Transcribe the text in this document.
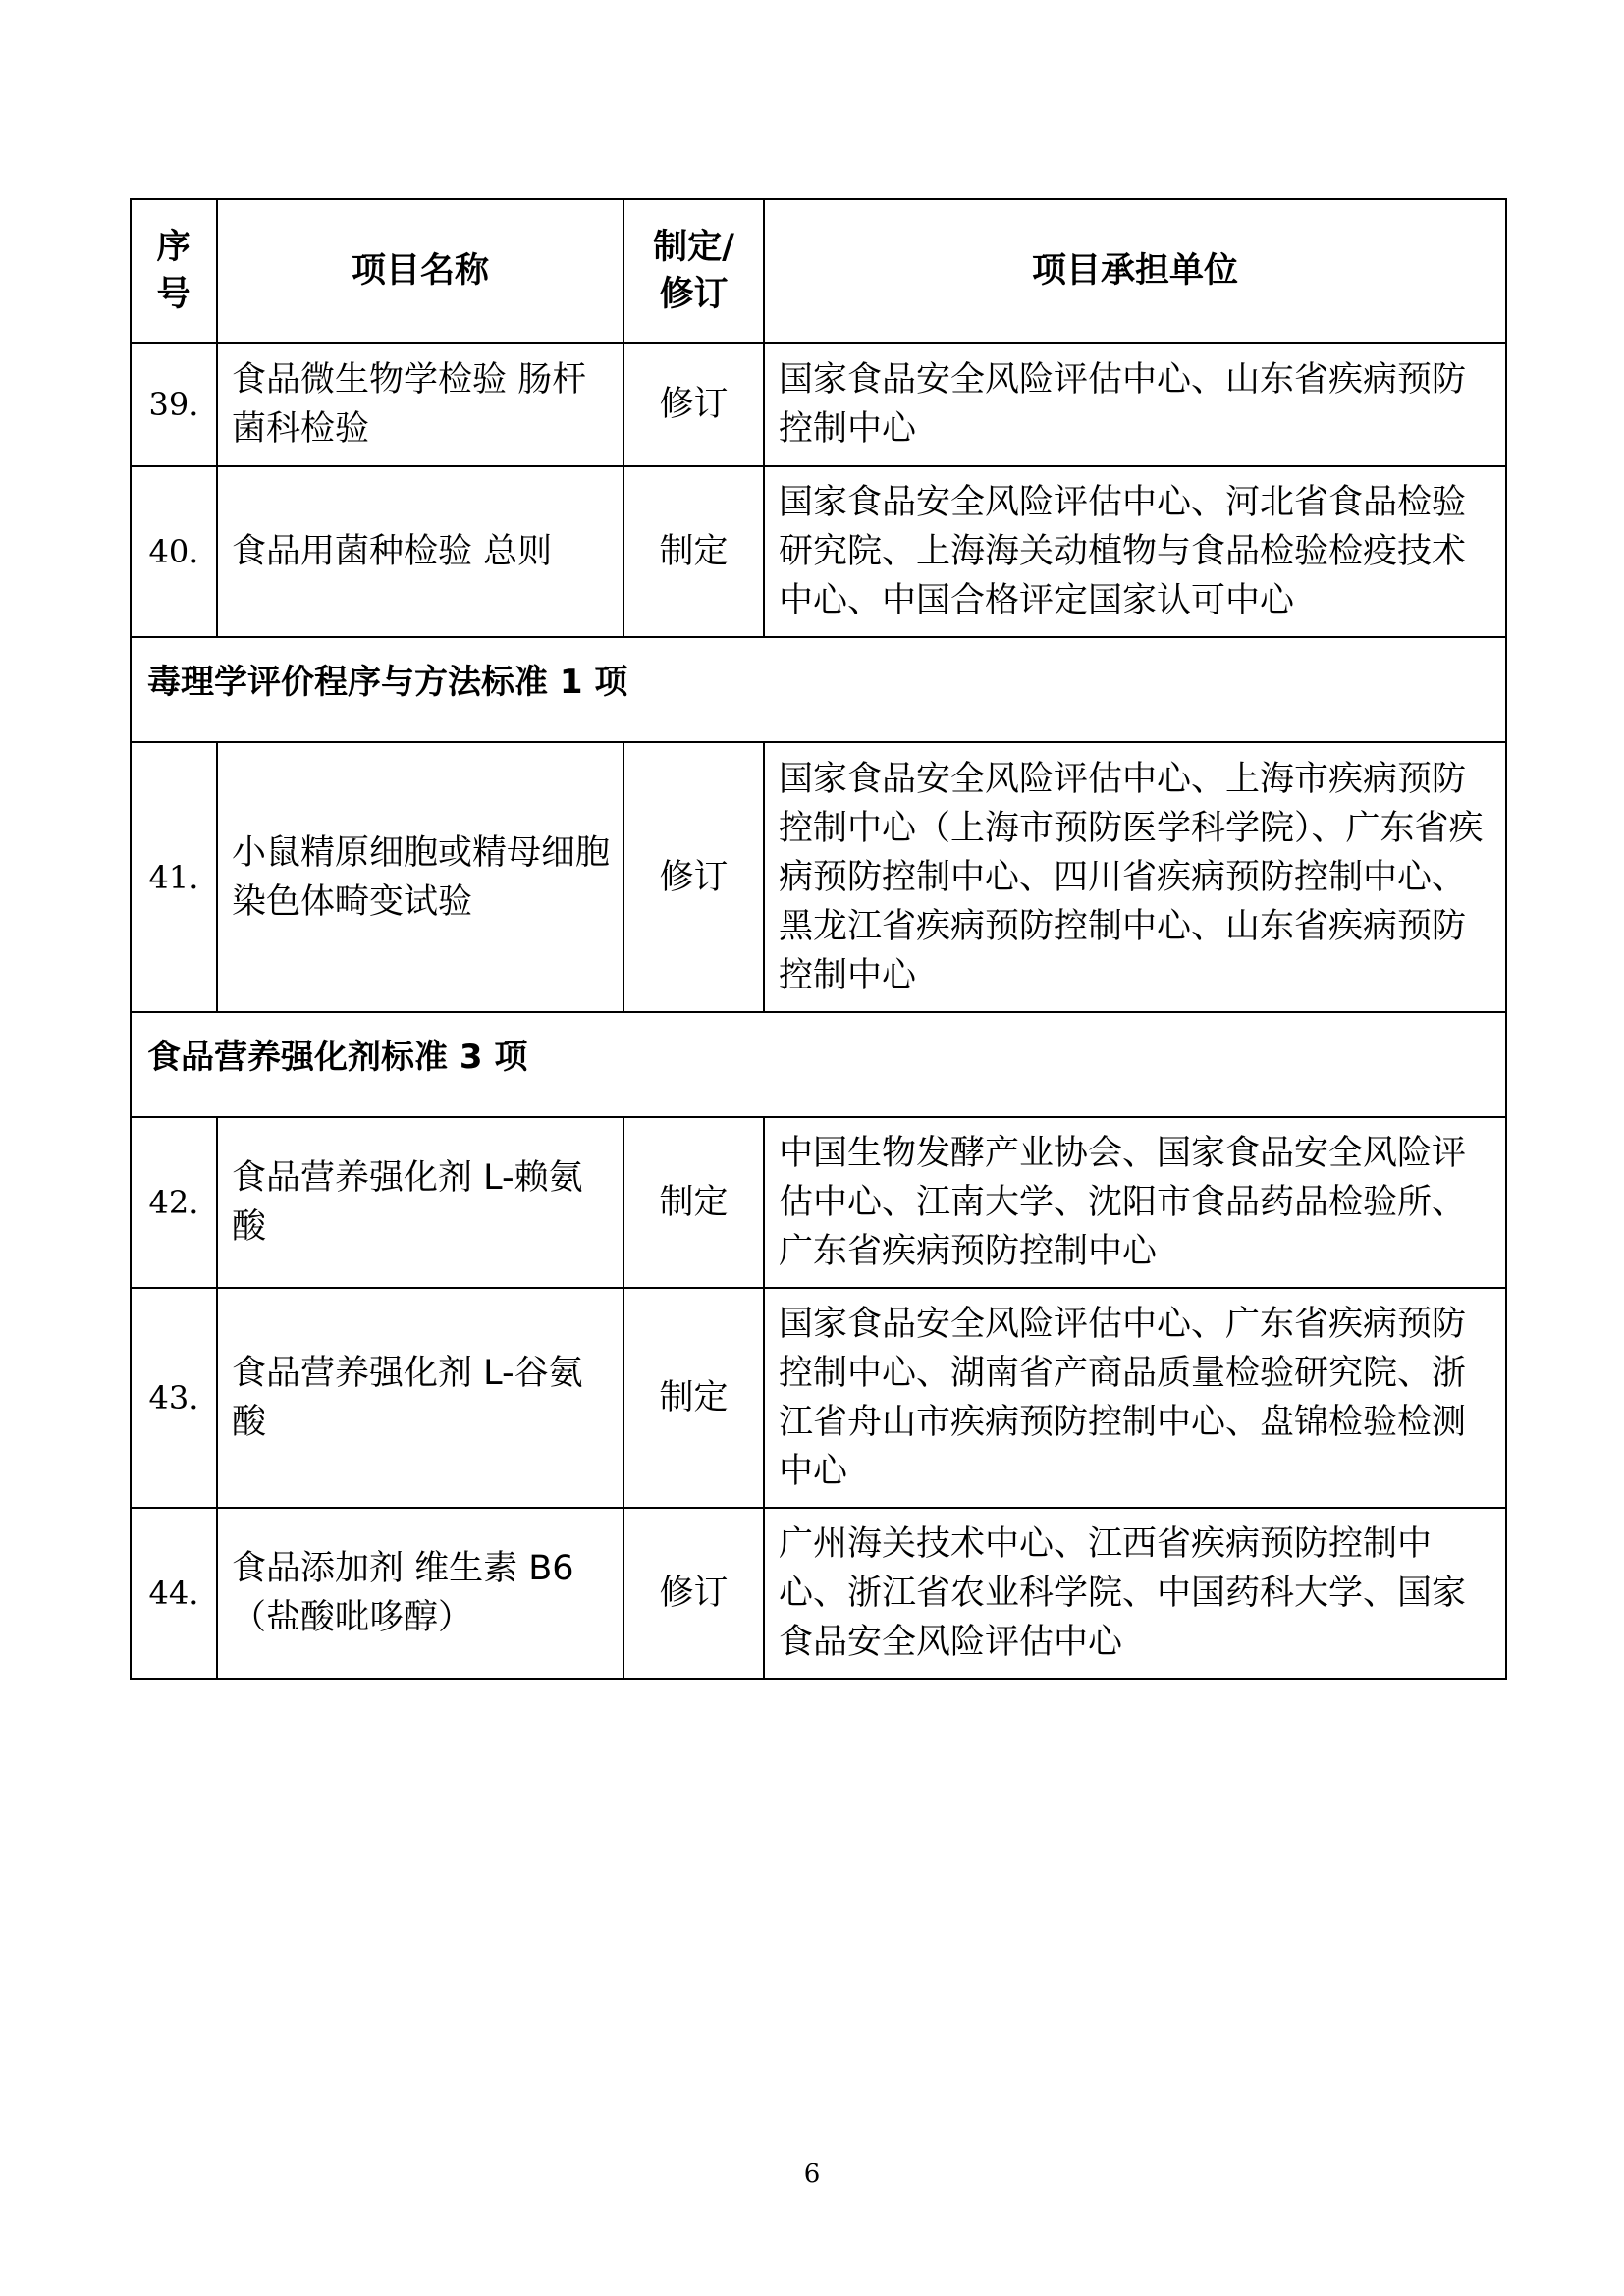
序号	项目名称	制定/修订	项目承担单位
39.	食品微生物学检验 肠杆菌科检验	修订	国家食品安全风险评估中心、山东省疾病预防控制中心
40.	食品用菌种检验 总则	制定	国家食品安全风险评估中心、河北省食品检验研究院、上海海关动植物与食品检验检疫技术中心、中国合格评定国家认可中心

毒理学评价程序与方法标准 1 项			

41.	小鼠精原细胞或精母细胞染色体畸变试验	修订	国家食品安全风险评估中心、上海市疾病预防控制中心（上海市预防医学科学院）、广东省疾病预防控制中心、四川省疾病预防控制中心、黑龙江省疾病预防控制中心、山东省疾病预防控制中心

食品营养强化剂标准 3 项			

42.	食品营养强化剂 L-赖氨酸	制定	中国生物发酵产业协会、国家食品安全风险评估中心、江南大学、沈阳市食品药品检验所、广东省疾病预防控制中心
43.	食品营养强化剂 L-谷氨酸	制定	国家食品安全风险评估中心、广东省疾病预防控制中心、湖南省产商品质量检验研究院、浙江省舟山市疾病预防控制中心、盘锦检验检测中心
44.	食品添加剂 维生素 B6（盐酸吡哆醇）	修订	广州海关技术中心、江西省疾病预防控制中心、浙江省农业科学院、中国药科大学、国家食品安全风险评估中心
6
